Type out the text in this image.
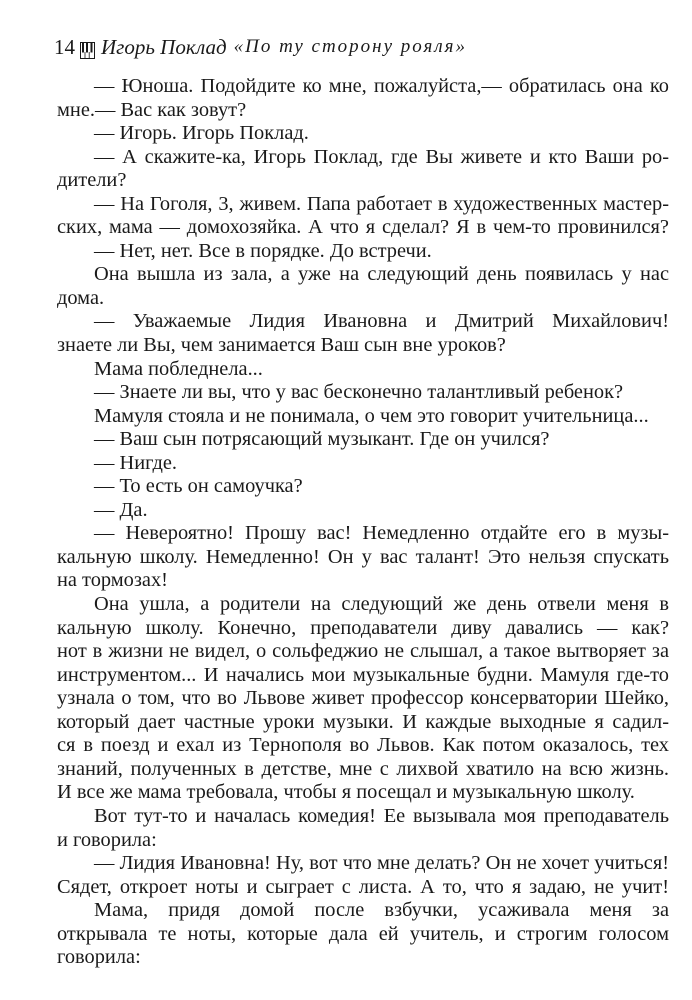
14 Игорь Поклад «По ту сторону рояля»
— Юноша. Подойдите ко мне, пожалуйста,— обратилась она ко
мне.— Вас как зовут?
— Игорь. Игорь Поклад.
— А скажите-ка, Игорь Поклад, где Вы живете и кто Ваши ро-
дители?
— На Гоголя, 3, живем. Папа работает в художественных мастер-
ских, мама — домохозяйка. А что я сделал? Я в чем-то провинился?
— Нет, нет. Все в порядке. До встречи.
Она вышла из зала, а уже на следующий день появилась у нас
дома.
— Уважаемые Лидия Ивановна и Дмитрий Михайлович!
знаете ли Вы, чем занимается Ваш сын вне уроков?
Мама побледнела...
— Знаете ли вы, что у вас бесконечно талантливый ребенок?
Мамуля стояла и не понимала, о чем это говорит учительница...
— Ваш сын потрясающий музыкант. Где он учился?
— Нигде.
— То есть он самоучка?
— Да.
— Невероятно! Прошу вас! Немедленно отдайте его в музы-
кальную школу. Немедленно! Он у вас талант! Это нельзя спускать
на тормозах!
Она ушла, а родители на следующий же день отвели меня в
кальную школу. Конечно, преподаватели диву давались — как?
нот в жизни не видел, о сольфеджио не слышал, а такое вытворяет за
инструментом... И начались мои музыкальные будни. Мамуля где-то
узнала о том, что во Львове живет профессор консерватории Шейко,
который дает частные уроки музыки. И каждые выходные я садил-
ся в поезд и ехал из Тернополя во Львов. Как потом оказалось, тех
знаний, полученных в детстве, мне с лихвой хватило на всю жизнь.
И все же мама требовала, чтобы я посещал и музыкальную школу.
Вот тут-то и началась комедия! Ее вызывала моя преподаватель
и говорила:
— Лидия Ивановна! Ну, вот что мне делать? Он не хочет учиться!
Сядет, откроет ноты и сыграет с листа. А то, что я задаю, не учит!
Мама, придя домой после взбучки, усаживала меня за
открывала те ноты, которые дала ей учитель, и строгим голосом
говорила:
